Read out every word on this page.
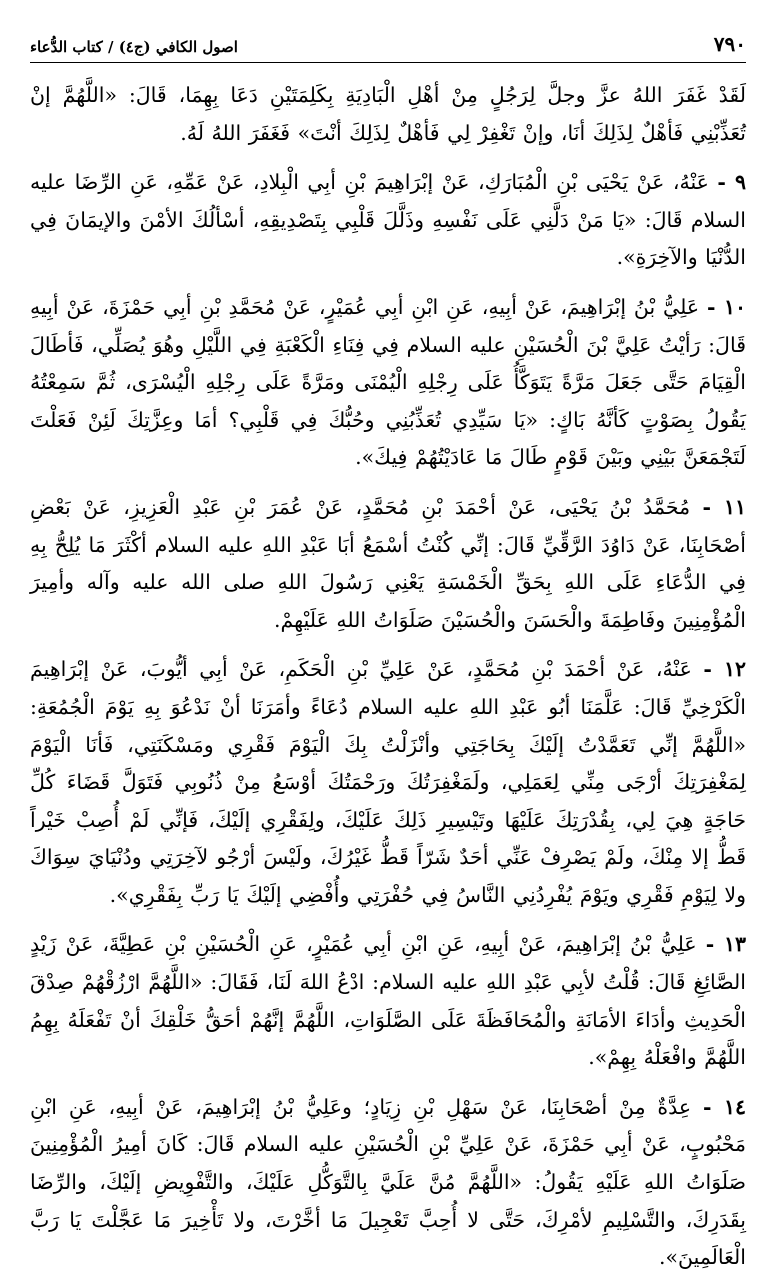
٧٩٠
اصول الكافي (ج٤) / كتاب الدُّعاء

لَقَدْ غَفَرَ اللهُ عزَّ وجلَّ لِرَجُلٍ مِنْ أهْلِ الْبَادِيَةِ بِكَلِمَتَيْنِ دَعَا بِهِمَا، قَالَ: «اللَّهُمَّ إنْ تُعَذِّبْنِي فَأهْلٌ لِذَلِكَ أنَا، وإنْ تَغْفِرْ لِي فَأهْلٌ لِذَلِكَ أنْتَ» فَغَفَرَ اللهُ لَهُ.

٩ - عَنْهُ، عَنْ يَحْيَى بْنِ الْمُبَارَكِ، عَنْ إبْرَاهِيمَ بْنِ أبِي الْبِلادِ، عَنْ عَمِّهِ، عَنِ الرِّضَا عليه السلام قَالَ: «يَا مَنْ دَلَّنِي عَلَى نَفْسِهِ وذَلَّلَ قَلْبِي بِتَصْدِيقِهِ، أسْألُكَ الأمْنَ والإيمَانَ فِي الدُّنْيَا والآخِرَةِ».

١٠ - عَلِيُّ بْنُ إبْرَاهِيمَ، عَنْ أبِيهِ، عَنِ ابْنِ أبِي عُمَيْرٍ، عَنْ مُحَمَّدِ بْنِ أبِي حَمْزَةَ، عَنْ أبِيهِ قَالَ: رَأيْتُ عَلِيَّ بْنَ الْحُسَيْنِ عليه السلام فِي فِنَاءِ الْكَعْبَةِ فِي اللَّيْلِ وهُوَ يُصَلِّي، فَأطَالَ الْقِيَامَ حَتَّى جَعَلَ مَرَّةً يَتَوَكَّأُ عَلَى رِجْلِهِ الْيُمْنَى ومَرَّةً عَلَى رِجْلِهِ الْيُسْرَى، ثُمَّ سَمِعْتُهُ يَقُولُ بِصَوْتٍ كَأنَّهُ بَاكٍ: «يَا سَيِّدِي تُعَذِّبُنِي وحُبُّكَ فِي قَلْبِي؟ أمَا وعِزَّتِكَ لَئِنْ فَعَلْتَ لَتَجْمَعَنَّ بَيْنِي وبَيْنَ قَوْمٍ طَالَ مَا عَادَيْتُهُمْ فِيكَ».

١١ - مُحَمَّدُ بْنُ يَحْيَى، عَنْ أحْمَدَ بْنِ مُحَمَّدٍ، عَنْ عُمَرَ بْنِ عَبْدِ الْعَزِيزِ، عَنْ بَعْضِ أصْحَابِنَا، عَنْ دَاوُدَ الرَّقِّيِّ قَالَ: إنِّي كُنْتُ أسْمَعُ أبَا عَبْدِ اللهِ عليه السلام أكْثَرَ مَا يُلِحُّ بِهِ فِي الدُّعَاءِ عَلَى اللهِ بِحَقِّ الْخَمْسَةِ يَعْنِي رَسُولَ اللهِ صلى الله عليه وآله وأمِيرَ الْمُؤْمِنِينَ وفَاطِمَةَ والْحَسَنَ والْحُسَيْنَ صَلَوَاتُ اللهِ عَلَيْهِمْ.

١٢ - عَنْهُ، عَنْ أحْمَدَ بْنِ مُحَمَّدٍ، عَنْ عَلِيِّ بْنِ الْحَكَمِ، عَنْ أبِي أيُّوبَ، عَنْ إبْرَاهِيمَ الْكَرْخِيِّ قَالَ: عَلَّمَنَا أبُو عَبْدِ اللهِ عليه السلام دُعَاءً وأمَرَنَا أنْ نَدْعُوَ بِهِ يَوْمَ الْجُمُعَةِ: «اللَّهُمَّ إنِّي تَعَمَّدْتُ إلَيْكَ بِحَاجَتِي وأنْزَلْتُ بِكَ الْيَوْمَ فَقْرِي ومَسْكَنَتِي، فَأنَا الْيَوْمَ لِمَغْفِرَتِكَ أرْجَى مِنِّي لِعَمَلِي، ولَمَغْفِرَتُكَ ورَحْمَتُكَ أوْسَعُ مِنْ ذُنُوبِي فَتَوَلَّ قَضَاءَ كُلِّ حَاجَةٍ هِيَ لِي، بِقُدْرَتِكَ عَلَيْهَا وتَيْسِيرِ ذَلِكَ عَلَيْكَ، ولِفَقْرِي إلَيْكَ، فَإنِّي لَمْ أُصِبْ خَيْراً قَطُّ إلا مِنْكَ، ولَمْ يَصْرِفْ عَنِّي أحَدٌ شَرّاً قَطُّ غَيْرُكَ، ولَيْسَ أرْجُو لآخِرَتِي ودُنْيَايَ سِوَاكَ ولا لِيَوْمِ فَقْرِي ويَوْمَ يُفْرِدُنِي النَّاسُ فِي حُفْرَتِي وأُفْضِي إلَيْكَ يَا رَبِّ بِفَقْرِي».

١٣ - عَلِيُّ بْنُ إبْرَاهِيمَ، عَنْ أبِيهِ، عَنِ ابْنِ أبِي عُمَيْرٍ، عَنِ الْحُسَيْنِ بْنِ عَطِيَّةَ، عَنْ زَيْدٍ الصَّائِغِ قَالَ: قُلْتُ لأبِي عَبْدِ اللهِ عليه السلام: ادْعُ اللهَ لَنَا، فَقَالَ: «اللَّهُمَّ ارْزُقْهُمْ صِدْقَ الْحَدِيثِ وأدَاءَ الأمَانَةِ والْمُحَافَظَةَ عَلَى الصَّلَوَاتِ، اللَّهُمَّ إنَّهُمْ أحَقُّ خَلْقِكَ أنْ تَفْعَلَهُ بِهِمُ اللَّهُمَّ وافْعَلْهُ بِهِمْ».

١٤ - عِدَّةٌ مِنْ أصْحَابِنَا، عَنْ سَهْلِ بْنِ زِيَادٍ؛ وعَلِيُّ بْنُ إبْرَاهِيمَ، عَنْ أبِيهِ، عَنِ ابْنِ مَحْبُوبٍ، عَنْ أبِي حَمْزَةَ، عَنْ عَلِيِّ بْنِ الْحُسَيْنِ عليه السلام قَالَ: كَانَ أمِيرُ الْمُؤْمِنِينَ صَلَوَاتُ اللهِ عَلَيْهِ يَقُولُ: «اللَّهُمَّ مُنَّ عَلَيَّ بِالتَّوَكُّلِ عَلَيْكَ، والتَّفْوِيضِ إلَيْكَ، والرِّضَا بِقَدَرِكَ، والتَّسْلِيمِ لأمْرِكَ، حَتَّى لا أُحِبَّ تَعْجِيلَ مَا أخَّرْتَ، ولا تَأْخِيرَ مَا عَجَّلْتَ يَا رَبَّ الْعَالَمِينَ».
